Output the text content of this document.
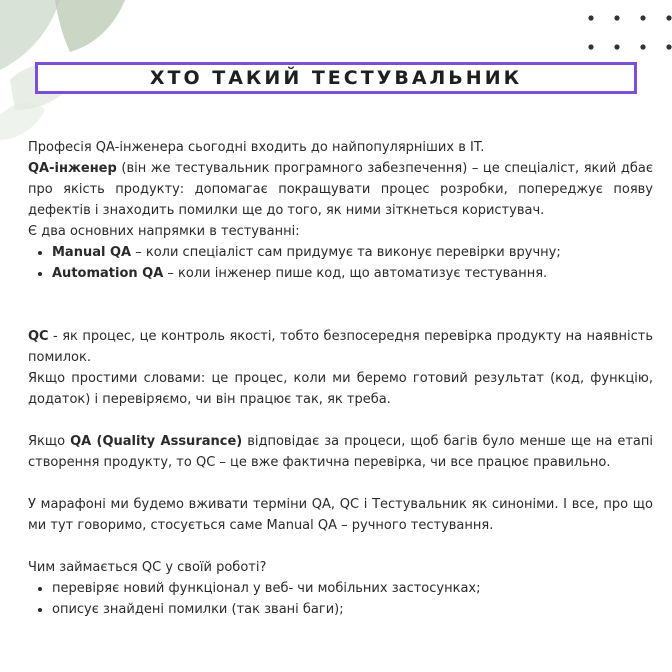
ХТО ТАКИЙ ТЕСТУВАЛЬНИК

Професія QA-інженера сьогодні входить до найпопулярніших в IT.

QA-інженер (він же тестувальник програмного забезпечення) – це спеціаліст, який дбає про якість продукту: допомагає покращувати процес розробки, попереджує появу дефектів і знаходить помилки ще до того, як ними зіткнеться користувач.

Є два основних напрямки в тестуванні:

• Manual QA – коли спеціаліст сам придумує та виконує перевірки вручну;
• Automation QA – коли інженер пише код, що автоматизує тестування.

QC - як процес, це контроль якості, тобто безпосередня перевірка продукту на наявність помилок.

Якщо простими словами: це процес, коли ми беремо готовий результат (код, функцію, додаток) і перевіряємо, чи він працює так, як треба.

Якщо QA (Quality Assurance) відповідає за процеси, щоб багів було менше ще на етапі створення продукту, то QC – це вже фактична перевірка, чи все працює правильно.

У марафоні ми будемо вживати терміни QA, QC і Тестувальник як синоніми. І все, про що ми тут говоримо, стосується саме Manual QA – ручного тестування.

Чим займається QC у своїй роботі?

• перевіряє новий функціонал у веб- чи мобільних застосунках;
• описує знайдені помилки (так звані баги);
